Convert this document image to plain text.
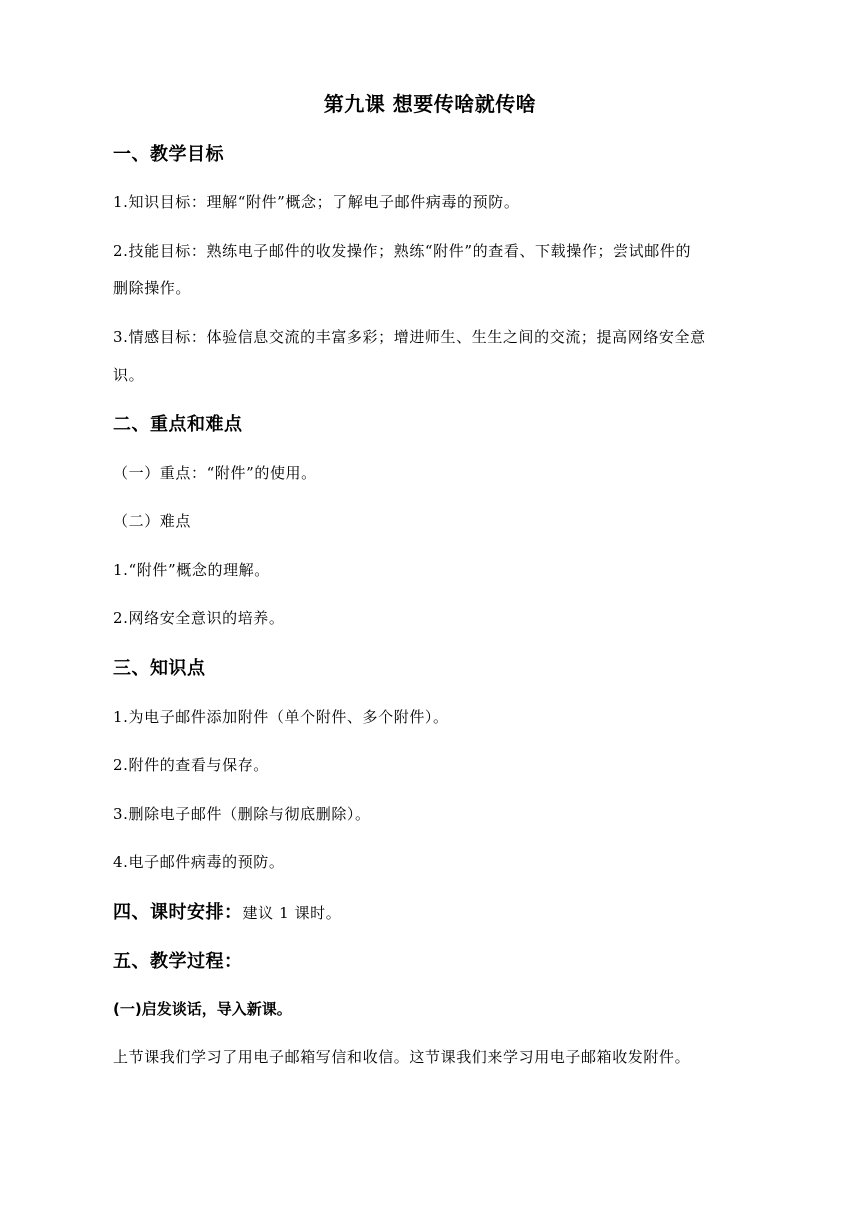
第九课 想要传啥就传啥
一、教学目标
1.知识目标：理解“附件”概念；了解电子邮件病毒的预防。
2.技能目标：熟练电子邮件的收发操作；熟练“附件”的查看、下载操作；尝试邮件的
删除操作。
3.情感目标：体验信息交流的丰富多彩；增进师生、生生之间的交流；提高网络安全意
识。
二、重点和难点
（一）重点：“附件”的使用。
（二）难点
1.“附件”概念的理解。
2.网络安全意识的培养。
三、知识点
1.为电子邮件添加附件（单个附件、多个附件）。
2.附件的查看与保存。
3.删除电子邮件（删除与彻底删除）。
4.电子邮件病毒的预防。
四、课时安排：建议 1 课时。
五、教学过程：
(一)启发谈话，导入新课。
上节课我们学习了用电子邮箱写信和收信。这节课我们来学习用电子邮箱收发附件。
